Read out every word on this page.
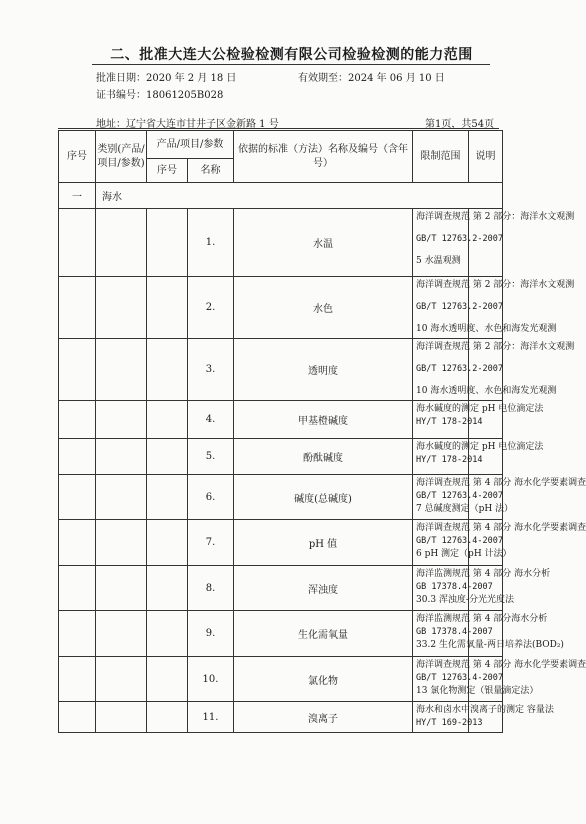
二、批准大连大公检验检测有限公司检验检测的能力范围
批准日期：2020 年 2 月 18 日	有效期至：2024 年 06 月 10 日
证书编号：18061205B028
地址：辽宁省大连市甘井子区金新路 1 号	第1页，共54页
序号	类别(产品/项目/参数)	产品/项目/参数		依据的标准（方法）名称及编号（含年号）	限制范围	说明	
		序号	名称				
一	海水						
			1.	水温	海洋调查规范 第 2 部分：海洋水文观测
GB/T 12763.2-2007
5 水温观测		

			2.	水色	海洋调查规范 第 2 部分：海洋水文观测
GB/T 12763.2-2007
10 海水透明度、水色和海发光观测		

			3.	透明度	海洋调查规范 第 2 部分：海洋水文观测
GB/T 12763.2-2007
10 海水透明度、水色和海发光观测		

			4.	甲基橙碱度	海水碱度的测定 pH 电位滴定法
HY/T 178-2014		

			5.	酚酞碱度	海水碱度的测定 pH 电位滴定法
HY/T 178-2014		

			6.	碱度(总碱度)	海洋调查规范 第 4 部分 海水化学要素调查
GB/T 12763.4-2007
7 总碱度测定（pH 法）		

			7.	pH 值	海洋调查规范 第 4 部分 海水化学要素调查
GB/T 12763.4-2007
6 pH 测定（pH 计法）		

			8.	浑浊度	海洋监测规范 第 4 部分 海水分析
GB 17378.4-2007
30.3 浑浊度-分光光度法		

			9.	生化需氧量	海洋监测规范 第 4 部分海水分析
GB 17378.4-2007
33.2 生化需氧量-两日培养法(BOD₂)		

			10.	氯化物	海洋调查规范 第 4 部分 海水化学要素调查
GB/T 12763.4-2007
13 氯化物测定（银量滴定法）		

			11.	溴离子	海水和卤水中溴离子的测定 容量法
HY/T 169-2013		
